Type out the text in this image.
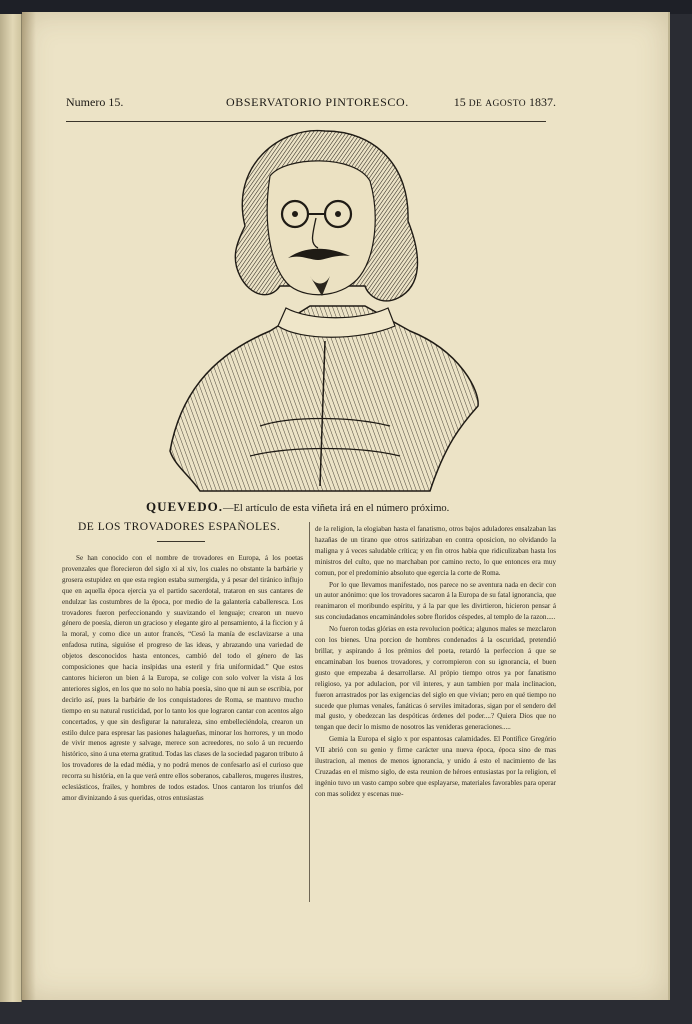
Numero 15.	OBSERVATORIO PINTORESCO.	15 DE AGOSTO 1837.
QUEVEDO.—El artículo de esta viñeta irá en el número próximo.
DE LOS TROVADORES ESPAÑOLES.

Se han conocido con el nombre de trovadores en Europa, á los poetas provenzales que florecieron del siglo xi al xiv, los cuales no obstante la barbárie y grosera estupidez en que esta region estaba sumergida, y á pesar del tiránico influjo que en aquella época ejercia ya el partido sacerdotal, trataron en sus cantares de endulzar las costumbres de la época, por medio de la galantería caballeresca. Los trovadores fueron perfeccionando y suavizando el lenguaje; crearon un nuevo género de poesía, dieron un gracioso y elegante giro al pensamiento, á la ficcion y á la moral, y como dice un autor francés, “Cesó la manía de esclavizarse a una enfadosa rutina, siguióse el progreso de las ideas, y abrazando una variedad de objetos desconocidos hasta entonces, cambió del todo el género de las composiciones que hacia insípidas una esteril y fria uniformidad.” Que estos cantores hicieron un bien á la Europa, se colige con solo volver la vista á los anteriores siglos, en los que no solo no habia poesía, sino que ni aun se escribia, por decirlo así, pues la barbárie de los conquistadores de Roma, se mantuvo mucho tiempo en su natural rusticidad, por lo tanto los que lograron cantar con acentos algo concertados, y que sin desfigurar la naturaleza, sino embelleciéndola, crearon un estilo dulce para espresar las pasiones halagueñas, minorar los horrores, y un modo de vivir menos agreste y salvage, merece son acreedores, no solo á un recuerdo histórico, sino á una eterna gratitud. Todas las clases de la sociedad pagaron tributo á los trovadores de la edad média, y no podrá menos de confesarlo así el curioso que recorra su história, en la que verá entre ellos soberanos, caballeros, mugeres ilustres, eclesiásticos, frailes, y hombres de todos estados. Unos cantaron los triunfos del amor divinizando á sus queridas, otros entusiastas

de la religion, la elogiaban hasta el fanatismo, otros bajos aduladores ensalzaban las hazañas de un tirano que otros satirizaban en contra oposicion, no olvidando la maligna y á veces saludable crítica; y en fin otros habia que ridiculizaban hasta los ministros del culto, que no marchaban por camino recto, lo que entonces era muy comun, por el predominio absoluto que egercia la corte de Roma.

Por lo que llevamos manifestado, nos parece no se aventura nada en decir con un autor anónimo: que los trovadores sacaron á la Europa de su fatal ignorancia, que reanimaron el moribundo espíritu, y á la par que les divirtieron, hicieron pensar á sus conciudadanos encaminándoles sobre floridos céspedes, al templo de la razon.....

No fueron todas glórias en esta revolucion poética; algunos males se mezclaron con los bienes. Una porcion de hombres condenados á la oscuridad, pretendió brillar, y aspirando á los prémios del poeta, retardó la perfeccion á que se encaminaban los buenos trovadores, y corrompieron con su ignorancia, el buen gusto que empezaba á desarrollarse. Al própio tiempo otros ya por fanatismo religioso, ya por adulacion, por vil interes, y aun tambien por mala inclinacion, fueron arrastrados por las exigencias del siglo en que vivian; pero en qué tiempo no sucede que plumas venales, fanáticas ó serviles imitadoras, sigan por el sendero del mal gusto, y obedezcan las despóticas órdenes del poder....? Quiera Dios que no tengan que decir lo mismo de nosotros las venideras generaciones.....

Gemia la Europa el siglo x por espantosas calamidades. El Pontífice Gregório VII abrió con su genio y firme carácter una nueva época, época sino de mas ilustracion, al menos de menos ignorancia, y unido á esto el nacimiento de las Cruzadas en el mismo siglo, de esta reunion de héroes entusiastas por la religion, el ingénio tuvo un vasto campo sobre que esplayarse, materiales favorables para operar con mas solidez y escenas nue-
